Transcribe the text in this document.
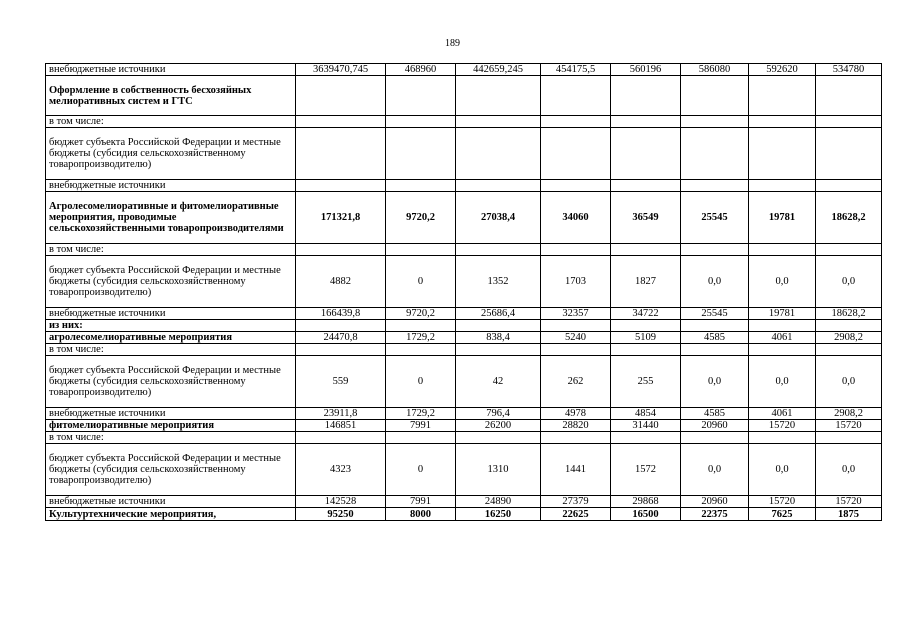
189
внебюджетные источники	3639470,745	468960	442659,245	454175,5	560196	586080	592620	534780
Оформление в собственность бесхозяйных мелиоративных систем и ГТС								
в том числе:								
бюджет субъекта Российской Федерации и местные бюджеты (субсидия сельскохозяйственному товаропроизводителю)								
внебюджетные источники								
Агролесомелиоративные и фитомелиоративные мероприятия, проводимые сельскохозяйственными товаропроизводителями	171321,8	9720,2	27038,4	34060	36549	25545	19781	18628,2
в том числе:								
бюджет субъекта Российской Федерации и местные бюджеты (субсидия сельскохозяйственному товаропроизводителю)	4882	0	1352	1703	1827	0,0	0,0	0,0
внебюджетные источники	166439,8	9720,2	25686,4	32357	34722	25545	19781	18628,2
из них:								
агролесомелиоративные мероприятия	24470,8	1729,2	838,4	5240	5109	4585	4061	2908,2
в том числе:								
бюджет субъекта Российской Федерации и местные бюджеты (субсидия сельскохозяйственному товаропроизводителю)	559	0	42	262	255	0,0	0,0	0,0
внебюджетные источники	23911,8	1729,2	796,4	4978	4854	4585	4061	2908,2
фитомелиоративные мероприятия	146851	7991	26200	28820	31440	20960	15720	15720
в том числе:								
бюджет субъекта Российской Федерации и местные бюджеты (субсидия сельскохозяйственному товаропроизводителю)	4323	0	1310	1441	1572	0,0	0,0	0,0
внебюджетные источники	142528	7991	24890	27379	29868	20960	15720	15720
Культуртехнические мероприятия,	95250	8000	16250	22625	16500	22375	7625	1875
